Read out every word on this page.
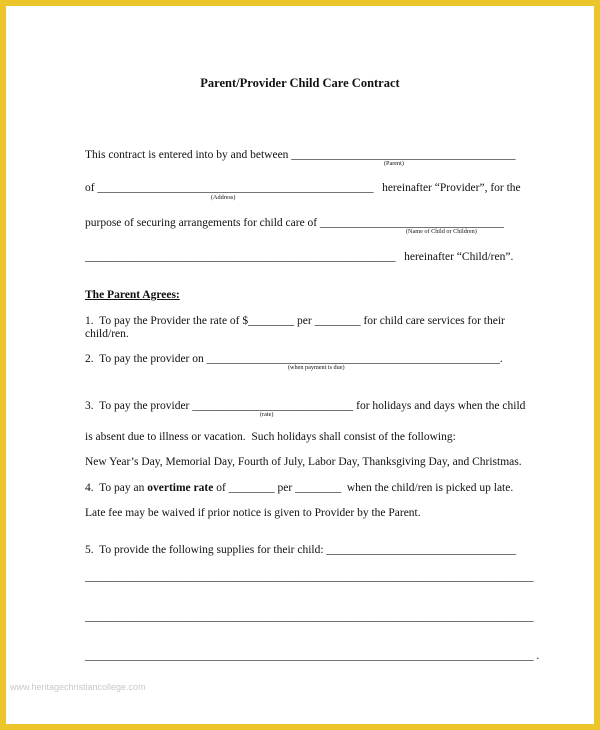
Parent/Provider Child Care Contract
This contract is entered into by and between _______________________________________
(Parent)
of ________________________________________________   hereinafter “Provider”, for the
(Address)
purpose of securing arrangements for child care of ________________________________
(Name of Child or Children)
______________________________________________________   hereinafter “Child/ren”.
The Parent Agrees:
1.  To pay the Provider the rate of $________ per ________ for child care services for their
child/ren.
2.  To pay the provider on ___________________________________________________.
(when payment is due)
3.  To pay the provider ____________________________ for holidays and days when the child
(rate)
is absent due to illness or vacation.  Such holidays shall consist of the following:
New Year’s Day, Memorial Day, Fourth of July, Labor Day, Thanksgiving Day, and Christmas.
4.  To pay an overtime rate of ________ per ________  when the child/ren is picked up late.
Late fee may be waived if prior notice is given to Provider by the Parent.
5.  To provide the following supplies for their child: _________________________________
______________________________________________________________________________
______________________________________________________________________________
______________________________________________________________________________ .
www.heritagechristiancollege.com
